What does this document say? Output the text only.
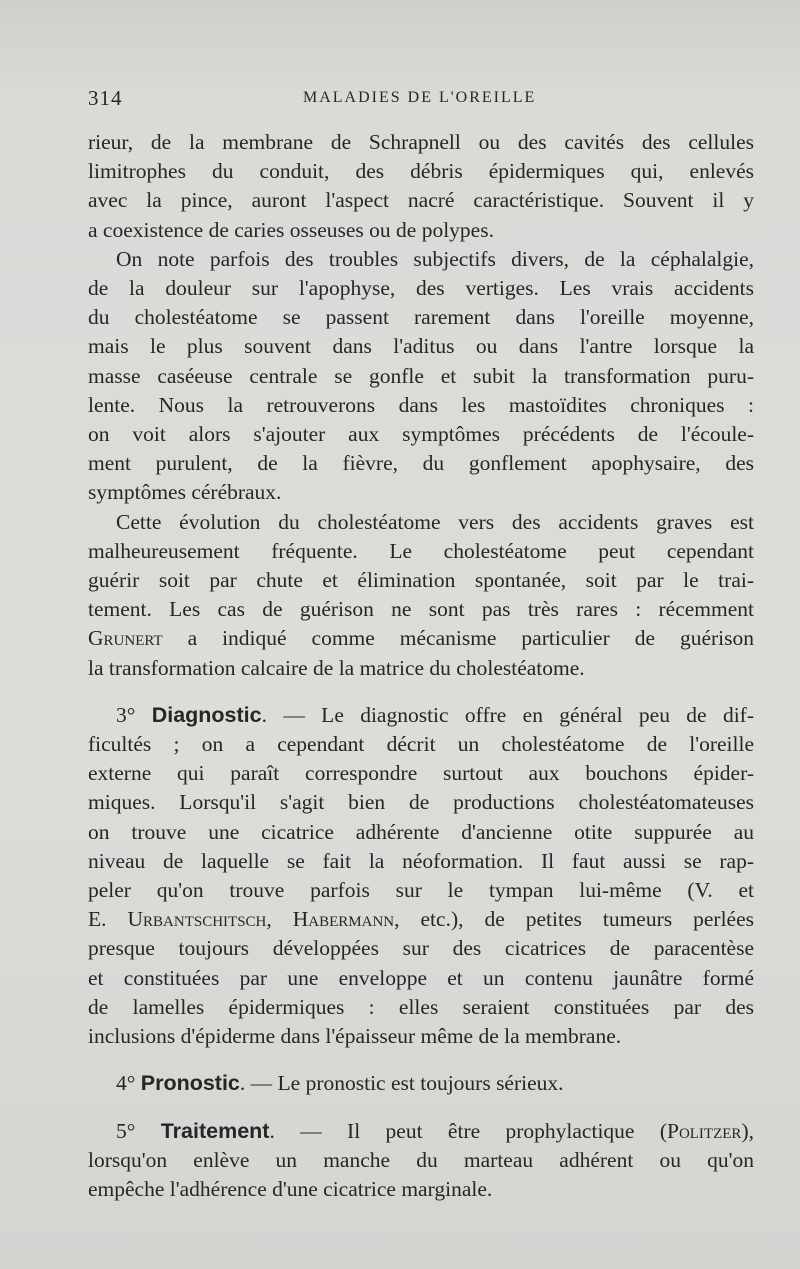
314	MALADIES DE L'OREILLE
rieur, de la membrane de Schrapnell ou des cavités des cellules
limitrophes du conduit, des débris épidermiques qui, enlevés
avec la pince, auront l'aspect nacré caractéristique. Souvent il y
a coexistence de caries osseuses ou de polypes.
On note parfois des troubles subjectifs divers, de la céphalalgie,
de la douleur sur l'apophyse, des vertiges. Les vrais accidents
du cholestéatome se passent rarement dans l'oreille moyenne,
mais le plus souvent dans l'aditus ou dans l'antre lorsque la
masse caséeuse centrale se gonfle et subit la transformation puru-
lente. Nous la retrouverons dans les mastoïdites chroniques :
on voit alors s'ajouter aux symptômes précédents de l'écoule-
ment purulent, de la fièvre, du gonflement apophysaire, des
symptômes cérébraux.
Cette évolution du cholestéatome vers des accidents graves est
malheureusement fréquente. Le cholestéatome peut cependant
guérir soit par chute et élimination spontanée, soit par le trai-
tement. Les cas de guérison ne sont pas très rares : récemment
Grunert a indiqué comme mécanisme particulier de guérison
la transformation calcaire de la matrice du cholestéatome.
3° Diagnostic. — Le diagnostic offre en général peu de dif-
ficultés ; on a cependant décrit un cholestéatome de l'oreille
externe qui paraît correspondre surtout aux bouchons épider-
miques. Lorsqu'il s'agit bien de productions cholestéatomateuses
on trouve une cicatrice adhérente d'ancienne otite suppurée au
niveau de laquelle se fait la néoformation. Il faut aussi se rap-
peler qu'on trouve parfois sur le tympan lui-même (V. et
E. Urbantschitsch, Habermann, etc.), de petites tumeurs perlées
presque toujours développées sur des cicatrices de paracentèse
et constituées par une enveloppe et un contenu jaunâtre formé
de lamelles épidermiques : elles seraient constituées par des
inclusions d'épiderme dans l'épaisseur même de la membrane.
4° Pronostic. — Le pronostic est toujours sérieux.
5° Traitement. — Il peut être prophylactique (Politzer),
lorsqu'on enlève un manche du marteau adhérent ou qu'on
empêche l'adhérence d'une cicatrice marginale.
